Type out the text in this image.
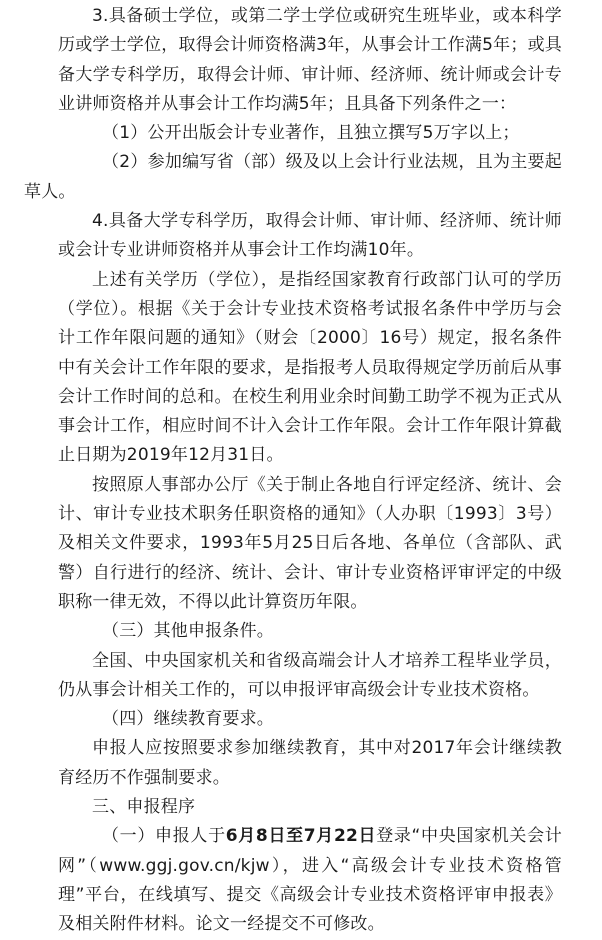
3.具备硕士学位，或第二学士学位或研究生班毕业，或本科学历或学士学位，取得会计师资格满3年，从事会计工作满5年；或具备大学专科学历，取得会计师、审计师、经济师、统计师或会计专业讲师资格并从事会计工作均满5年；且具备下列条件之一：

（1）公开出版会计专业著作，且独立撰写5万字以上；

（2）参加编写省（部）级及以上会计行业法规，且为主要起草人。

4.具备大学专科学历，取得会计师、审计师、经济师、统计师或会计专业讲师资格并从事会计工作均满10年。

上述有关学历（学位），是指经国家教育行政部门认可的学历（学位）。根据《关于会计专业技术资格考试报名条件中学历与会计工作年限问题的通知》（财会〔2000〕16号）规定，报名条件中有关会计工作年限的要求，是指报考人员取得规定学历前后从事会计工作时间的总和。在校生利用业余时间勤工助学不视为正式从事会计工作，相应时间不计入会计工作年限。会计工作年限计算截止日期为2019年12月31日。

按照原人事部办公厅《关于制止各地自行评定经济、统计、会计、审计专业技术职务任职资格的通知》（人办职〔1993〕3号）及相关文件要求，1993年5月25日后各地、各单位（含部队、武警）自行进行的经济、统计、会计、审计专业资格评审评定的中级职称一律无效，不得以此计算资历年限。

（三）其他申报条件。

全国、中央国家机关和省级高端会计人才培养工程毕业学员，仍从事会计相关工作的，可以申报评审高级会计专业技术资格。

（四）继续教育要求。

申报人应按照要求参加继续教育，其中对2017年会计继续教育经历不作强制要求。

三、申报程序

（一）申报人于6月8日至7月22日登录“中央国家机关会计网”（www.ggj.gov.cn/kjw），进入“高级会计专业技术资格管理”平台，在线填写、提交《高级会计专业技术资格评审申报表》及相关附件材料。论文一经提交不可修改。
